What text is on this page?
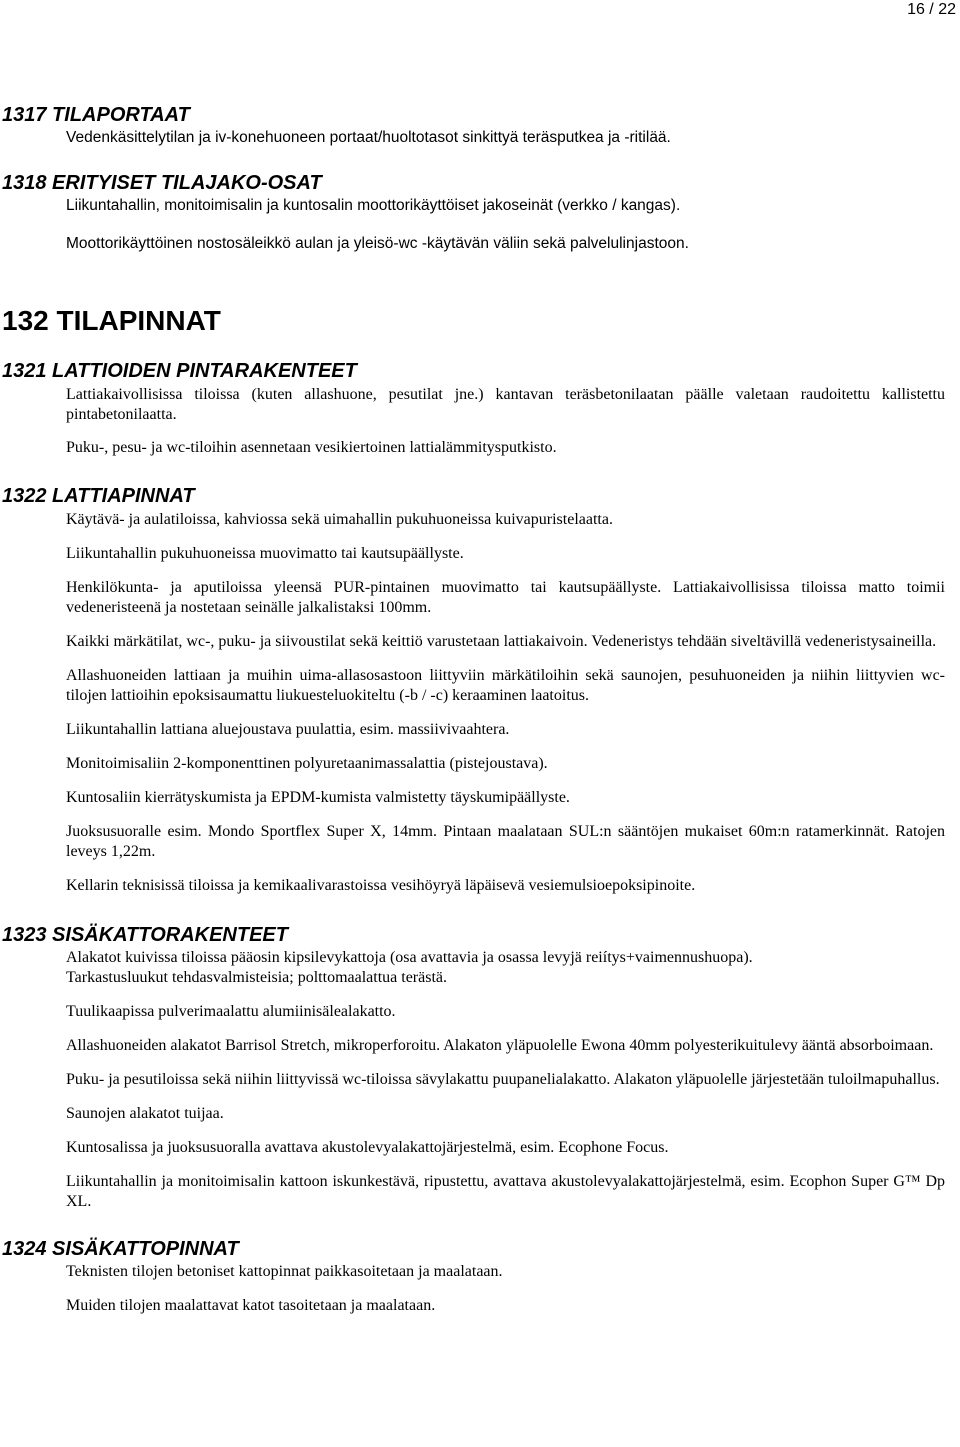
16 / 22
1317 TILAPORTAAT

Vedenkäsittelytilan ja iv-konehuoneen portaat/huoltotasot sinkittyä teräsputkea ja -ritilää.

1318 ERITYISET TILAJAKO-OSAT

Liikuntahallin, monitoimisalin ja kuntosalin moottorikäyttöiset jakoseinät (verkko / kangas).

Moottorikäyttöinen nostosäleikkö aulan ja yleisö-wc -käytävän väliin sekä palvelulinjastoon.

132 TILAPINNAT
1321 LATTIOIDEN PINTARAKENTEET

Lattiakaivollisissa tiloissa (kuten allashuone, pesutilat jne.) kantavan teräsbetonilaatan päälle valetaan raudoitettu kallistettu pintabetonilaatta.

Puku-, pesu- ja wc-tiloihin asennetaan vesikiertoinen lattialämmitysputkisto.

1322 LATTIAPINNAT

Käytävä- ja aulatiloissa, kahviossa sekä uimahallin pukuhuoneissa kuivapuristelaatta.

Liikuntahallin pukuhuoneissa muovimatto tai kautsupäällyste.

Henkilökunta- ja aputiloissa yleensä PUR-pintainen muovimatto tai kautsupäällyste. Lattiakaivollisissa tiloissa matto toimii vedeneristeenä ja nostetaan seinälle jalkalistaksi 100mm.

Kaikki märkätilat, wc-, puku- ja siivoustilat sekä keittiö varustetaan lattiakaivoin. Vedeneristys tehdään siveltävillä vedeneristysaineilla.

Allashuoneiden lattiaan ja muihin uima-allasosastoon liittyviin märkätiloihin sekä saunojen, pesuhuoneiden ja niihin liittyvien wc- tilojen lattioihin epoksisaumattu liukuesteluokiteltu (-b / -c) keraaminen laatoitus.

Liikuntahallin lattiana aluejoustava puulattia, esim. massiivivaahtera.

Monitoimisaliin 2-komponenttinen polyuretaanimassalattia (pistejoustava).

Kuntosaliin kierrätyskumista ja EPDM-kumista valmistetty täyskumipäällyste.

Juoksusuoralle esim. Mondo Sportflex Super X, 14mm. Pintaan maalataan SUL:n sääntöjen mukaiset 60m:n ratamerkinnät. Ratojen leveys 1,22m.

Kellarin teknisissä tiloissa ja kemikaalivarastoissa vesihöyryä läpäisevä vesiemulsioepoksipinoite.

1323 SISÄKATTORAKENTEET

Alakatot kuivissa tiloissa pääosin kipsilevykattoja (osa avattavia ja osassa levyjä reiítys+vaimennushuopa).

Tarkastusluukut tehdasvalmisteisia; polttomaalattua terästä.

Tuulikaapissa pulverimaalattu alumiinisälealakatto.

Allashuoneiden alakatot Barrisol Stretch, mikroperforoitu. Alakaton yläpuolelle Ewona 40mm polyesterikuitulevy ääntä absorboimaan.

Puku- ja pesutiloissa sekä niihin liittyvissä wc-tiloissa sävylakattu puupanelialakatto. Alakaton yläpuolelle järjestetään tuloilmapuhallus.

Saunojen alakatot tuijaa.

Kuntosalissa ja juoksusuoralla avattava akustolevyalakattojärjestelmä, esim. Ecophone Focus.

Liikuntahallin ja monitoimisalin kattoon iskunkestävä, ripustettu, avattava akustolevyalakattojärjestelmä, esim. Ecophon Super G™ Dp XL.

1324 SISÄKATTOPINNAT

Teknisten tilojen betoniset kattopinnat paikkasoitetaan ja maalataan.

Muiden tilojen maalattavat katot tasoitetaan ja maalataan.
